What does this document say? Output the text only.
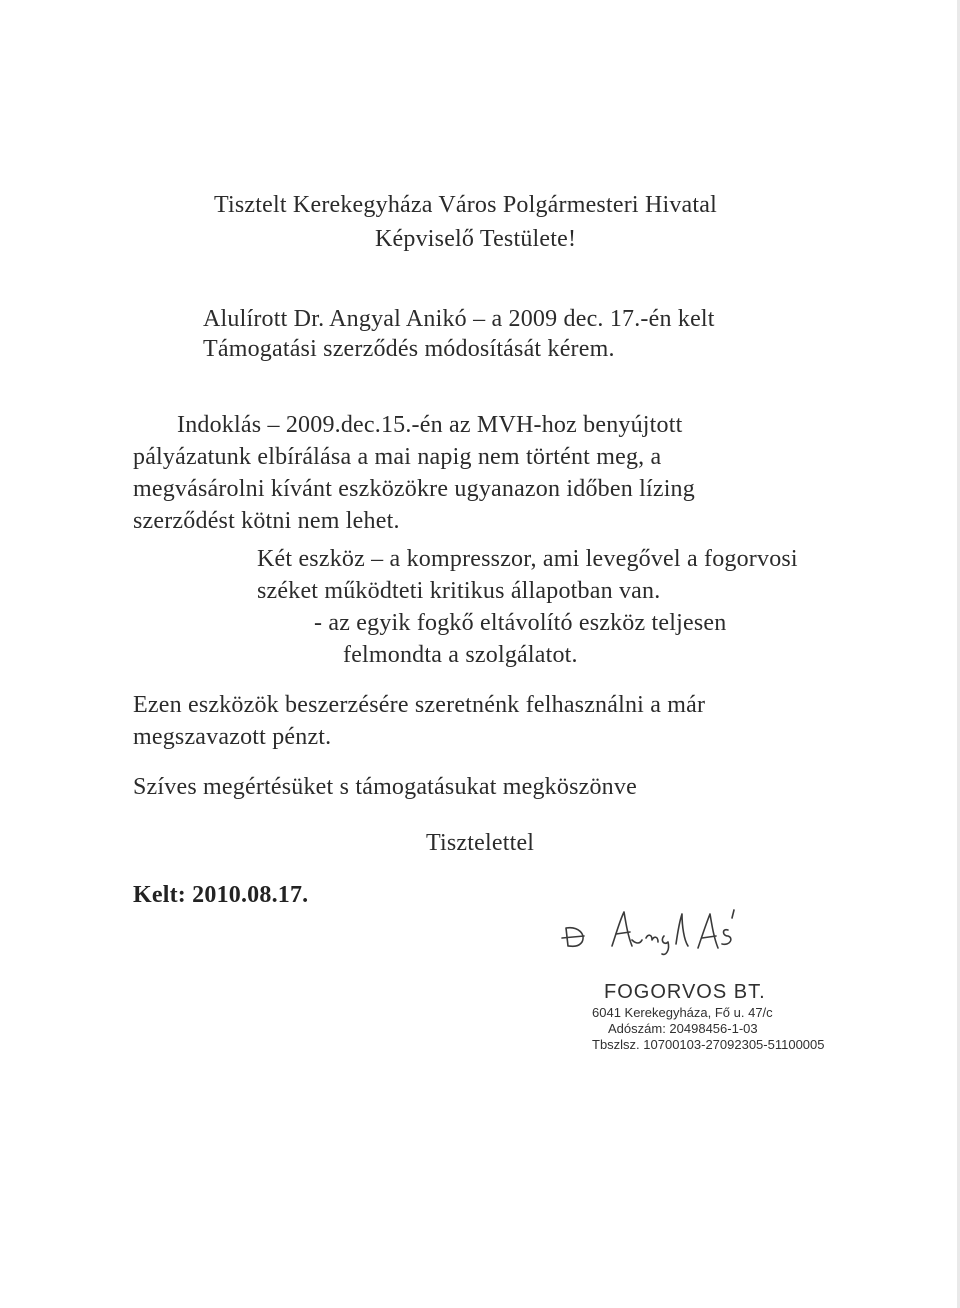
Tisztelt Kerekegyháza Város Polgármesteri Hivatal
Képviselő Testülete!
Alulírott Dr. Angyal Anikó – a 2009 dec. 17.-én kelt
Támogatási szerződés módosítását kérem.
Indoklás – 2009.dec.15.-én az MVH-hoz benyújtott
pályázatunk elbírálása a mai napig nem történt meg, a
megvásárolni kívánt eszközökre ugyanazon időben lízing
szerződést kötni nem lehet.
Két eszköz – a kompresszor, ami levegővel a fogorvosi
széket működteti kritikus állapotban van.
- az egyik fogkő eltávolító eszköz teljesen
felmondta a szolgálatot.
Ezen eszközök beszerzésére szeretnénk felhasználni a már
megszavazott pénzt.
Szíves megértésüket s támogatásukat megköszönve
Tisztelettel
Kelt: 2010.08.17.
FOGORVOS BT.
6041 Kerekegyháza, Fő u. 47/c
Adószám: 20498456-1-03
Tbszlsz. 10700103-27092305-51100005
